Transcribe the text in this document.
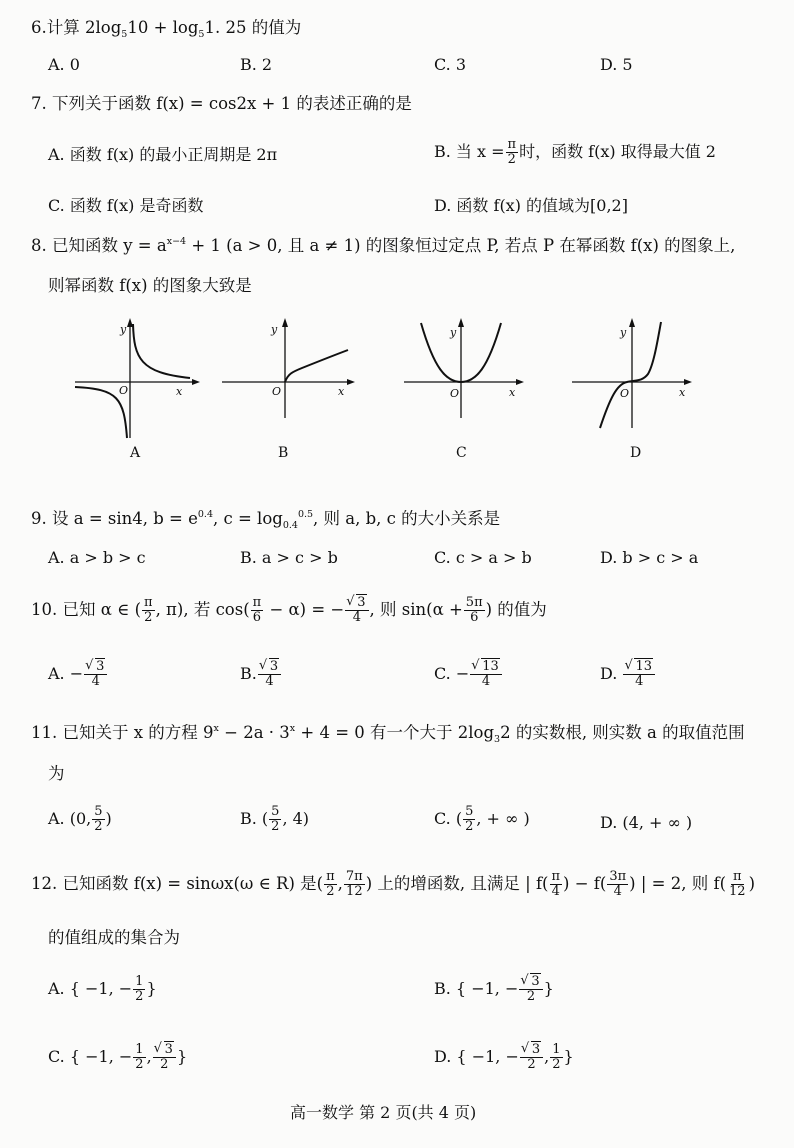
6.计算 $2\log_510 + \log_51$. 25 的值为
A. 0	B. 2	C. 3	D. 5
7. 下列关于函数 f(x) = cos2x + 1 的表述正确的是
A. 函数 f(x) 的最小正周期是 2π	B. 当 $x = \frac{\pi}{2}$ 时，函数 f(x) 取得最大值 2
C. 函数 f(x) 是奇函数	D. 函数 f(x) 的值域为[0,2]
8. 已知函数 $y = a^{x-4} + 1$ (a > 0, 且 a ≠ 1) 的图象恒过定点 P, 若点 P 在幂函数 f(x) 的图象上,
则幂函数 f(x) 的图象大致是
y
x
O
A
y
x
O
B
y
x
O
C
y
x
O
D
9. 设 a = sin4, $b = e^{0.4}$, $c = \log_{0.4}^{0.5}$, 则 a, b, c 的大小关系是
A. a > b > c	B. a > c > b	C. c > a > b	D. b > c > a
10. 已知 α ∈ ( $\frac{\pi}{2}$ , π), 若 $\cos( \frac{\pi}{6} - \alpha)$ = − √ $\frac{3}{4}$ , 则 $\sin(\alpha + \frac{5\pi}{6}$ ) 的值为
A. − √ $\frac{3}{4}$	B. √ $\frac{3}{4}$	C. − √ $\frac{13}{4}$	D. √ $\frac{13}{4}$
11. 已知关于 x 的方程 $9^x - 2a \cdot 3^x + 4 = 0$ 有一个大于 $2\log_32$ 的实数根, 则实数 a 的取值范围
为
A. (0, $\frac{5}{2}$ )	B. ( $\frac{5}{2}$ , 4)	C. ( $\frac{5}{2}$ , + ∞ )	D. (4, + ∞ )
12. 已知函数 f(x) = sinωx(ω ∈ R) 是( $\frac{\pi}{2}$ , $\frac{7\pi}{12}$ ) 上的增函数, 且满足 | $f( \frac{\pi}{4}$ ) − $f( \frac{3\pi}{4}$ ) | = 2, 则 $f( \frac{\pi}{12}$ )
的值组成的集合为
A. { −1, − $\frac{1}{2}$ }	B. { −1, − √ $\frac{3}{2}$ }
C. { −1, − $\frac{1}{2}$ , √ $\frac{3}{2}$ }	D. { −1, − √ $\frac{3}{2}$ , $\frac{1}{2}$ }
高一数学 第 2 页(共 4 页)
